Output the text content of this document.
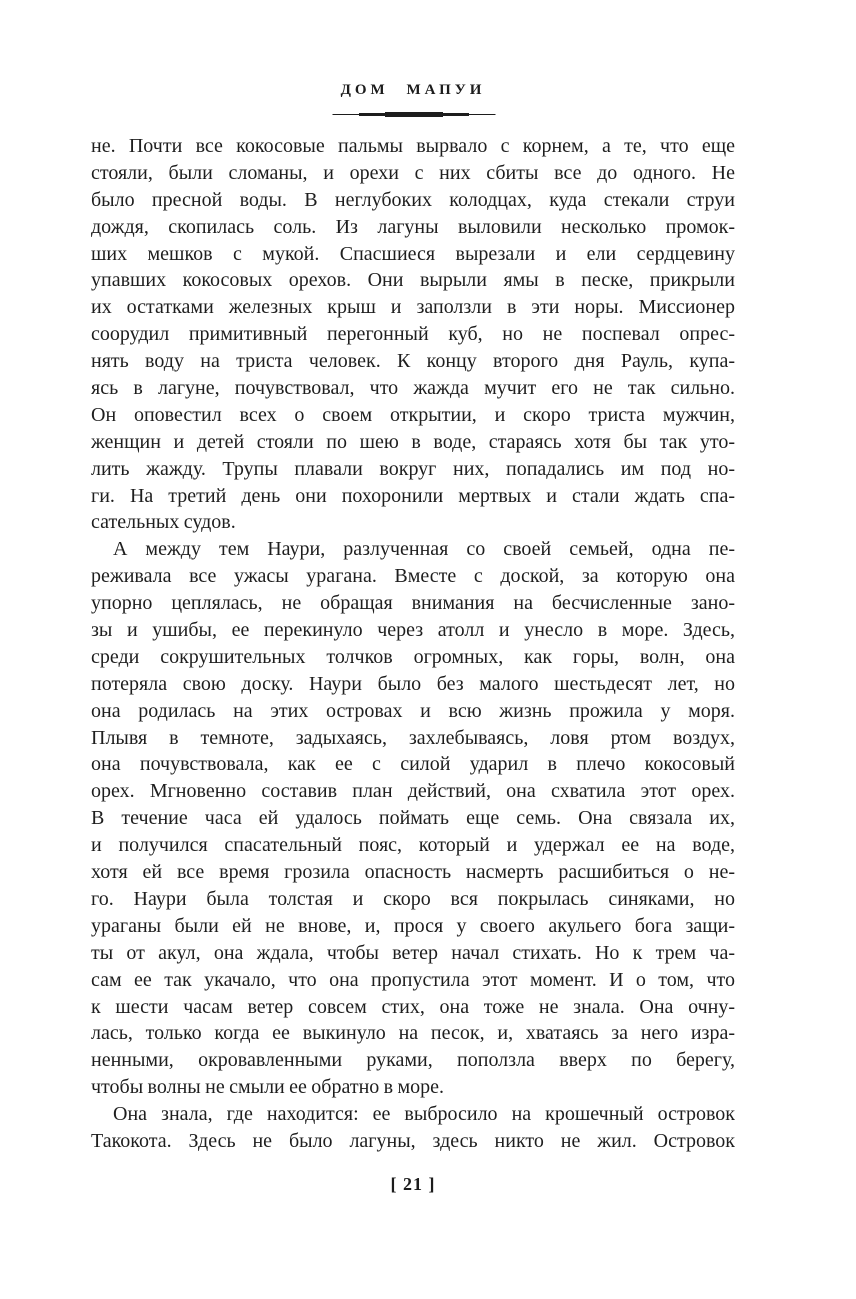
ДОМ МАПУИ
не. Почти все кокосовые пальмы вырвало с корнем, а те, что еще
стояли, были сломаны, и орехи с них сбиты все до одного. Не
было пресной воды. В неглубоких колодцах, куда стекали струи
дождя, скопилась соль. Из лагуны выловили несколько промок-
ших мешков с мукой. Спасшиеся вырезали и ели сердцевину
упавших кокосовых орехов. Они вырыли ямы в песке, прикрыли
их остатками железных крыш и заползли в эти норы. Миссионер
соорудил примитивный перегонный куб, но не поспевал опрес-
нять воду на триста человек. К концу второго дня Рауль, купа-
ясь в лагуне, почувствовал, что жажда мучит его не так сильно.
Он оповестил всех о своем открытии, и скоро триста мужчин,
женщин и детей стояли по шею в воде, стараясь хотя бы так уто-
лить жажду. Трупы плавали вокруг них, попадались им под но-
ги. На третий день они похоронили мертвых и стали ждать спа-
сательных судов.
А между тем Наури, разлученная со своей семьей, одна пе-
реживала все ужасы урагана. Вместе с доской, за которую она
упорно цеплялась, не обращая внимания на бесчисленные зано-
зы и ушибы, ее перекинуло через атолл и унесло в море. Здесь,
среди сокрушительных толчков огромных, как горы, волн, она
потеряла свою доску. Наури было без малого шестьдесят лет, но
она родилась на этих островах и всю жизнь прожила у моря.
Плывя в темноте, задыхаясь, захлебываясь, ловя ртом воздух,
она почувствовала, как ее с силой ударил в плечо кокосовый
орех. Мгновенно составив план действий, она схватила этот орех.
В течение часа ей удалось поймать еще семь. Она связала их,
и получился спасательный пояс, который и удержал ее на воде,
хотя ей все время грозила опасность насмерть расшибиться о не-
го. Наури была толстая и скоро вся покрылась синяками, но
ураганы были ей не внове, и, прося у своего акульего бога защи-
ты от акул, она ждала, чтобы ветер начал стихать. Но к трем ча-
сам ее так укачало, что она пропустила этот момент. И о том, что
к шести часам ветер совсем стих, она тоже не знала. Она очну-
лась, только когда ее выкинуло на песок, и, хватаясь за него изра-
ненными, окровавленными руками, поползла вверх по берегу,
чтобы волны не смыли ее обратно в море.
Она знала, где находится: ее выбросило на крошечный островок
Такокота. Здесь не было лагуны, здесь никто не жил. Островок
[ 21 ]
